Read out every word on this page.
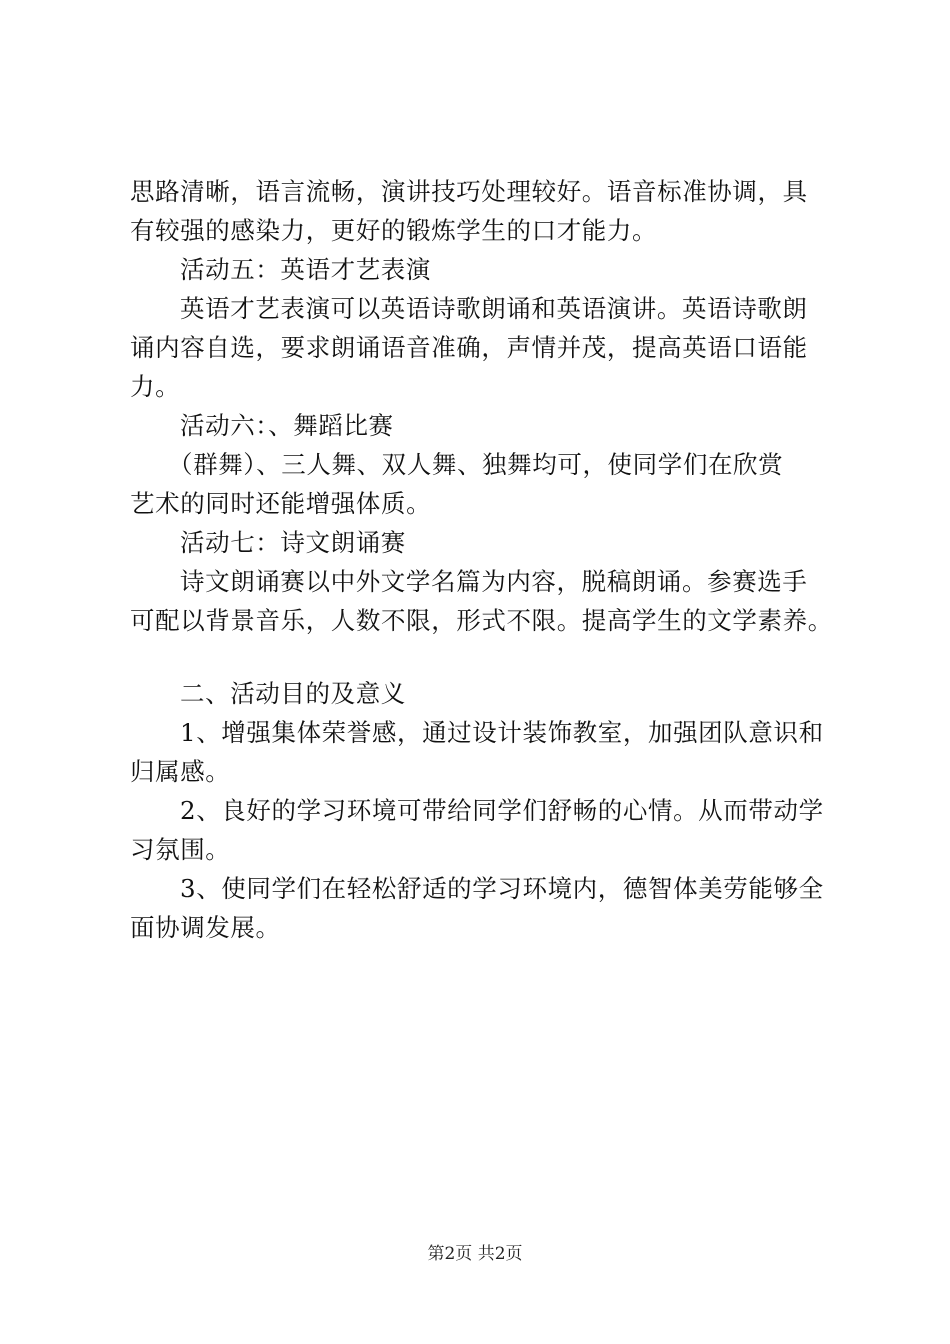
思路清晰，语言流畅，演讲技巧处理较好。语音标准协调，具
有较强的感染力，更好的锻炼学生的口才能力。
活动五：英语才艺表演
英语才艺表演可以英语诗歌朗诵和英语演讲。英语诗歌朗
诵内容自选，要求朗诵语音准确，声情并茂，提高英语口语能
力。
活动六：、舞蹈比赛
（群舞）、三人舞、双人舞、独舞均可，使同学们在欣赏
艺术的同时还能增强体质。
活动七：诗文朗诵赛
诗文朗诵赛以中外文学名篇为内容，脱稿朗诵。参赛选手
可配以背景音乐，人数不限，形式不限。提高学生的文学素养。
二、活动目的及意义
1、增强集体荣誉感，通过设计装饰教室，加强团队意识和
归属感。
2、良好的学习环境可带给同学们舒畅的心情。从而带动学
习氛围。
3、使同学们在轻松舒适的学习环境内，德智体美劳能够全
面协调发展。
第2页 共2页
